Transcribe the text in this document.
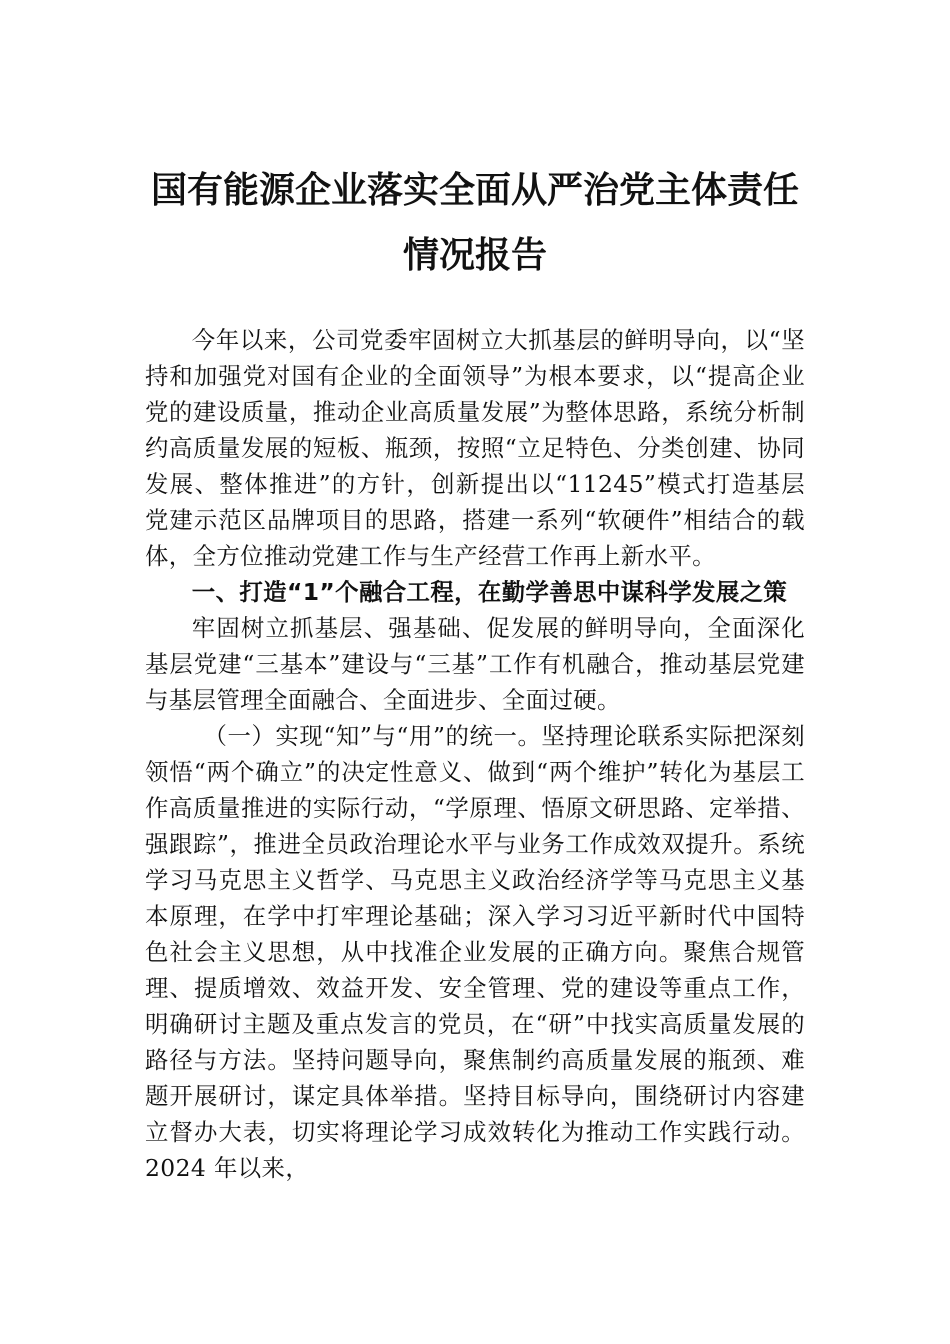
国有能源企业落实全面从严治党主体责任
情况报告

今年以来，公司党委牢固树立大抓基层的鲜明导向，以“坚持和加强党对国有企业的全面领导”为根本要求，以“提高企业党的建设质量，推动企业高质量发展”为整体思路，系统分析制约高质量发展的短板、瓶颈，按照“立足特色、分类创建、协同发展、整体推进”的方针，创新提出以“11245”模式打造基层党建示范区品牌项目的思路，搭建一系列“软硬件”相结合的载体，全方位推动党建工作与生产经营工作再上新水平。

一、打造“1”个融合工程，在勤学善思中谋科学发展之策

牢固树立抓基层、强基础、促发展的鲜明导向，全面深化基层党建“三基本”建设与“三基”工作有机融合，推动基层党建与基层管理全面融合、全面进步、全面过硬。

（一）实现“知”与“用”的统一。坚持理论联系实际把深刻领悟“两个确立”的决定性意义、做到“两个维护”转化为基层工作高质量推进的实际行动，“学原理、悟原文研思路、定举措、强跟踪”，推进全员政治理论水平与业务工作成效双提升。系统学习马克思主义哲学、马克思主义政治经济学等马克思主义基本原理，在学中打牢理论基础；深入学习习近平新时代中国特色社会主义思想，从中找准企业发展的正确方向。聚焦合规管理、提质增效、效益开发、安全管理、党的建设等重点工作，明确研讨主题及重点发言的党员，在“研”中找实高质量发展的路径与方法。坚持问题导向，聚焦制约高质量发展的瓶颈、难题开展研讨，谋定具体举措。坚持目标导向，围绕研讨内容建立督办大表，切实将理论学习成效转化为推动工作实践行动。2024 年以来，
